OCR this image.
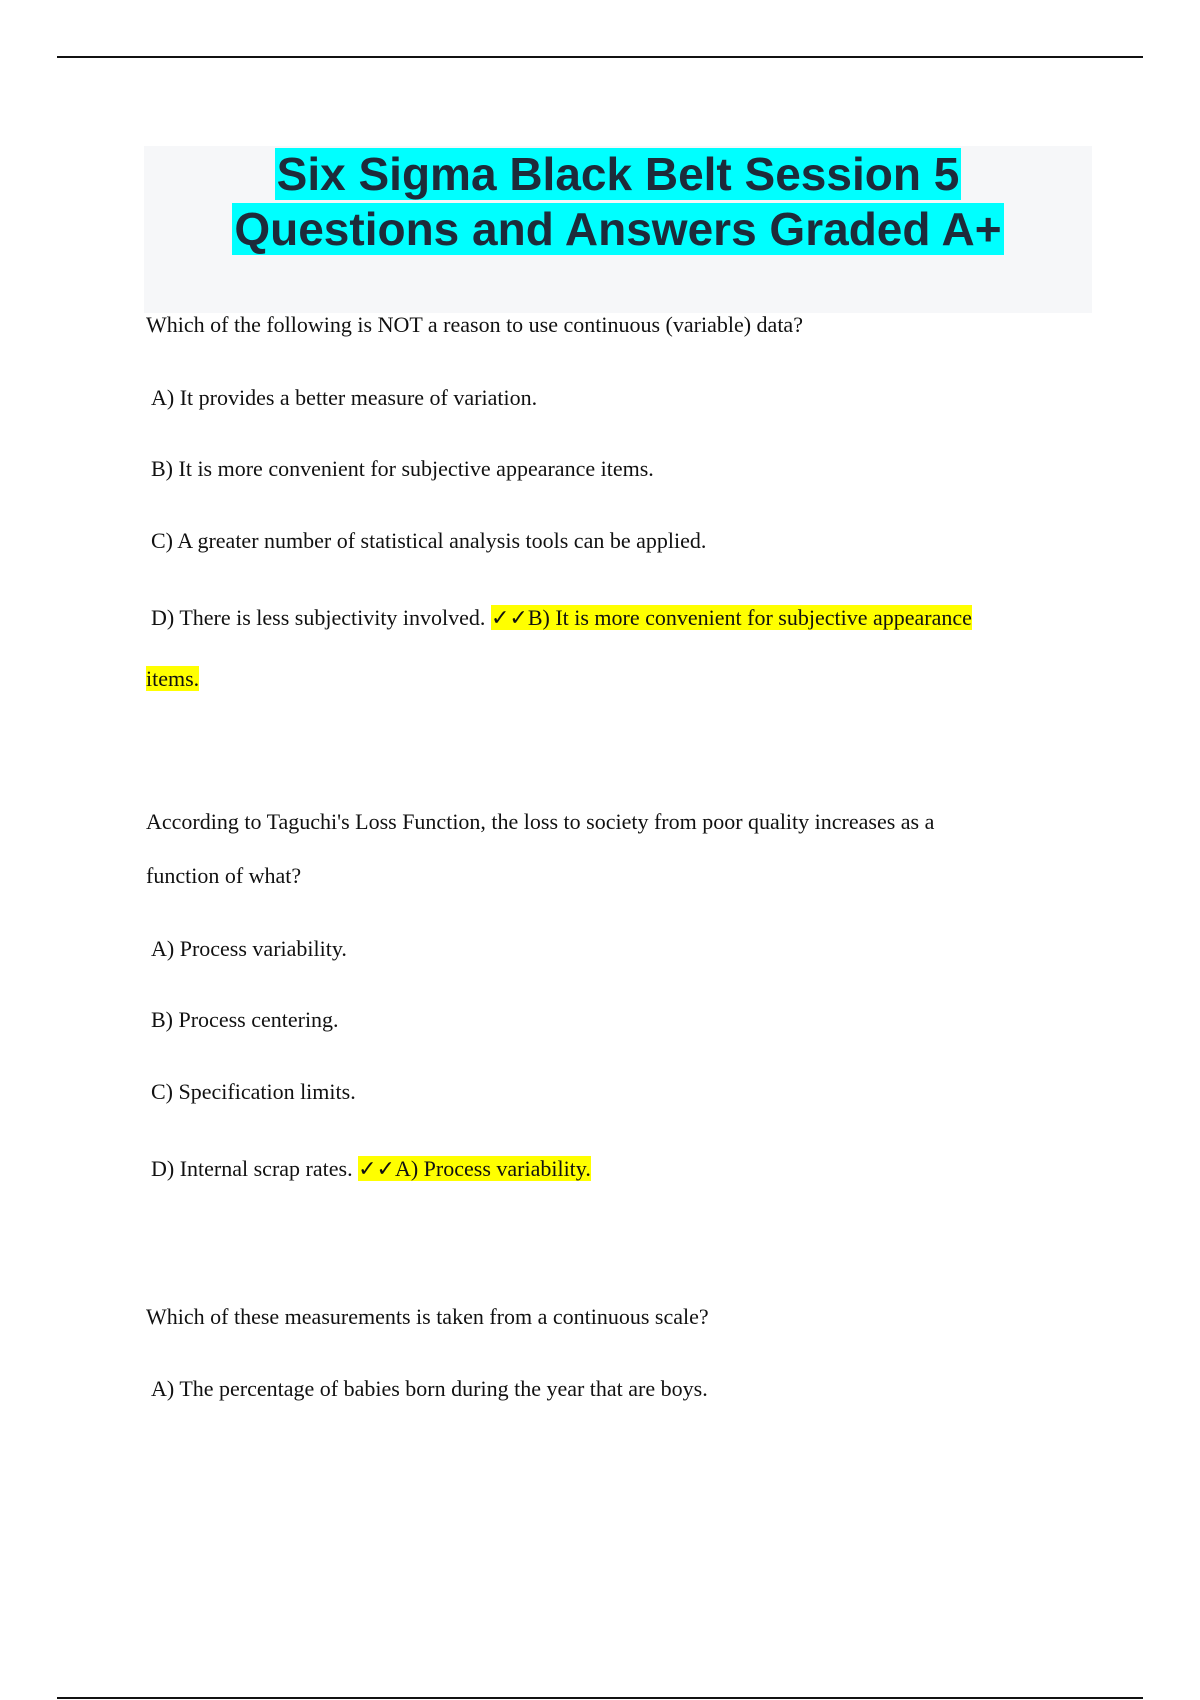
Six Sigma Black Belt Session 5
Questions and Answers Graded A+
Which of the following is NOT a reason to use continuous (variable) data?
A) It provides a better measure of variation.
B) It is more convenient for subjective appearance items.
C) A greater number of statistical analysis tools can be applied.
D) There is less subjectivity involved. ✓✓B) It is more convenient for subjective appearance
items.
According to Taguchi's Loss Function, the loss to society from poor quality increases as a
function of what?
A) Process variability.
B) Process centering.
C) Specification limits.
D) Internal scrap rates. ✓✓A) Process variability.
Which of these measurements is taken from a continuous scale?
A) The percentage of babies born during the year that are boys.
